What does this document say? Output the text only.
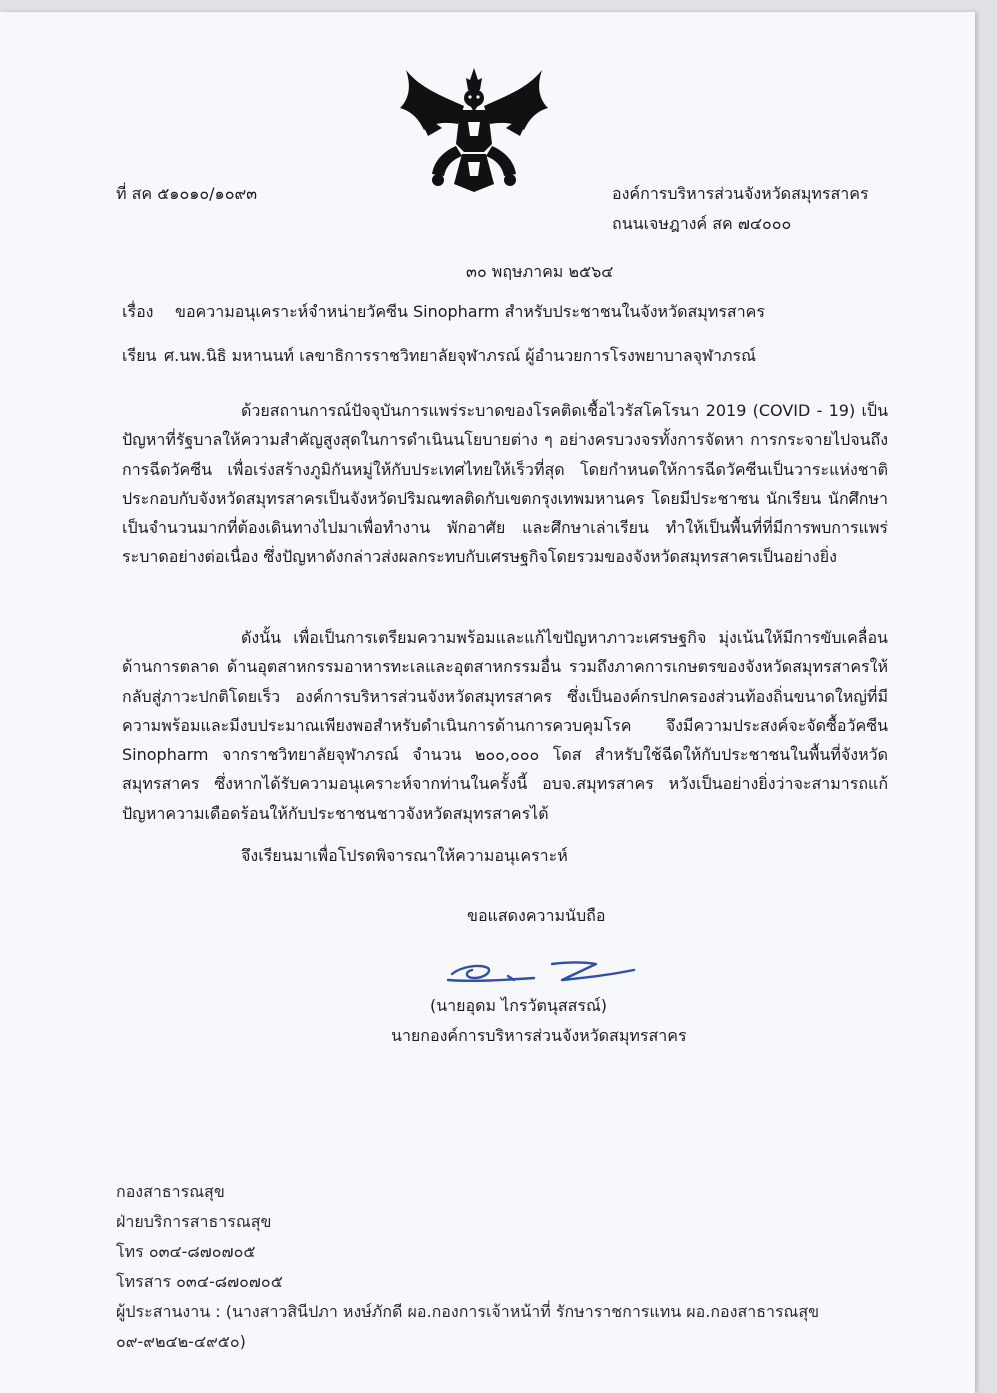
ที่ สค ๕๑๐๑๐/๑๐๙๓	องค์การบริหารส่วนจังหวัดสมุทรสาคร
ถนนเจษฎางค์ สค ๗๔๐๐๐
๓๐ พฤษภาคม ๒๕๖๔
เรื่อง ขอความอนุเคราะห์จำหน่ายวัคซีน Sinopharm สำหรับประชาชนในจังหวัดสมุทรสาคร
เรียน ศ.นพ.นิธิ มหานนท์ เลขาธิการราชวิทยาลัยจุฬาภรณ์ ผู้อำนวยการโรงพยาบาลจุฬาภรณ์
ด้วยสถานการณ์ปัจจุบันการแพร่ระบาดของโรคติดเชื้อไวรัสโคโรนา 2019 (COVID - 19) เป็นปัญหาที่รัฐบาลให้ความสำคัญสูงสุดในการดำเนินนโยบายต่าง ๆ อย่างครบวงจรทั้งการจัดหา การกระจายไปจนถึงการฉีดวัคซีน เพื่อเร่งสร้างภูมิกันหมู่ให้กับประเทศไทยให้เร็วที่สุด โดยกำหนดให้การฉีดวัคซีนเป็นวาระแห่งชาติ ประกอบกับจังหวัดสมุทรสาครเป็นจังหวัดปริมณฑลติดกับเขตกรุงเทพมหานคร โดยมีประชาชน นักเรียน นักศึกษา เป็นจำนวนมากที่ต้องเดินทางไปมาเพื่อทำงาน พักอาศัย และศึกษาเล่าเรียน ทำให้เป็นพื้นที่ที่มีการพบการแพร่ระบาดอย่างต่อเนื่อง ซึ่งปัญหาดังกล่าวส่งผลกระทบกับเศรษฐกิจโดยรวมของจังหวัดสมุทรสาครเป็นอย่างยิ่ง
ดังนั้น เพื่อเป็นการเตรียมความพร้อมและแก้ไขปัญหาภาวะเศรษฐกิจ มุ่งเน้นให้มีการขับเคลื่อนด้านการตลาด ด้านอุตสาหกรรมอาหารทะเลและอุตสาหกรรมอื่น รวมถึงภาคการเกษตรของจังหวัดสมุทรสาครให้กลับสู่ภาวะปกติโดยเร็ว องค์การบริหารส่วนจังหวัดสมุทรสาคร ซึ่งเป็นองค์กรปกครองส่วนท้องถิ่นขนาดใหญ่ที่มีความพร้อมและมีงบประมาณเพียงพอสำหรับดำเนินการด้านการควบคุมโรค จึงมีความประสงค์จะจัดซื้อวัคซีน Sinopharm จากราชวิทยาลัยจุฬาภรณ์ จำนวน ๒๐๐,๐๐๐ โดส สำหรับใช้ฉีดให้กับประชาชนในพื้นที่จังหวัดสมุทรสาคร ซึ่งหากได้รับความอนุเคราะห์จากท่านในครั้งนี้ อบจ.สมุทรสาคร หวังเป็นอย่างยิ่งว่าจะสามารถแก้ปัญหาความเดือดร้อนให้กับประชาชนชาวจังหวัดสมุทรสาครได้
จึงเรียนมาเพื่อโปรดพิจารณาให้ความอนุเคราะห์
ขอแสดงความนับถือ
(นายอุดม ไกรวัตนุสสรณ์)
นายกองค์การบริหารส่วนจังหวัดสมุทรสาคร
กองสาธารณสุข
ฝ่ายบริการสาธารณสุข
โทร ๐๓๔-๘๗๐๗๐๕
โทรสาร ๐๓๔-๘๗๐๗๐๕
ผู้ประสานงาน : (นางสาวสินีปภา หงษ์ภักดี ผอ.กองการเจ้าหน้าที่ รักษาราชการแทน ผอ.กองสาธารณสุข
๐๙-๙๒๔๒-๔๙๕๐)
